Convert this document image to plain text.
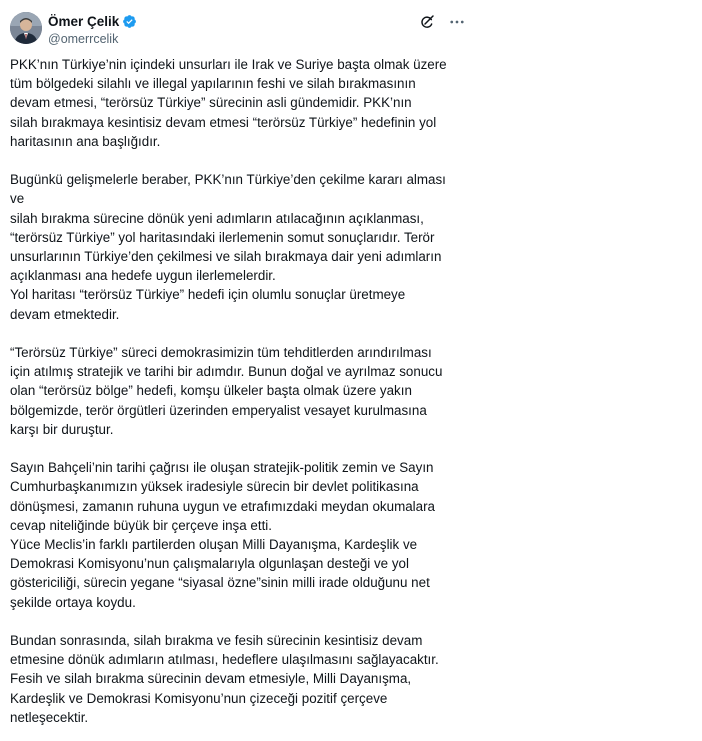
Ömer Çelik
@omerrcelik

PKK’nın Türkiye’nin içindeki unsurları ile Irak ve Suriye başta olmak üzere
tüm bölgedeki silahlı ve illegal yapılarının feshi ve silah bırakmasının
devam etmesi, “terörsüz Türkiye” sürecinin asli gündemidir. PKK’nın
silah bırakmaya kesintisiz devam etmesi “terörsüz Türkiye” hedefinin yol
haritasının ana başlığıdır.

Bugünkü gelişmelerle beraber, PKK’nın Türkiye’den çekilme kararı alması
ve
silah bırakma sürecine dönük yeni adımların atılacağının açıklanması,
“terörsüz Türkiye” yol haritasındaki ilerlemenin somut sonuçlarıdır. Terör
unsurlarının Türkiye’den çekilmesi ve silah bırakmaya dair yeni adımların
açıklanması ana hedefe uygun ilerlemelerdir.
Yol haritası “terörsüz Türkiye” hedefi için olumlu sonuçlar üretmeye
devam etmektedir.

“Terörsüz Türkiye” süreci demokrasimizin tüm tehditlerden arındırılması
için atılmış stratejik ve tarihi bir adımdır. Bunun doğal ve ayrılmaz sonucu
olan “terörsüz bölge” hedefi, komşu ülkeler başta olmak üzere yakın
bölgemizde, terör örgütleri üzerinden emperyalist vesayet kurulmasına
karşı bir duruştur.

Sayın Bahçeli’nin tarihi çağrısı ile oluşan stratejik-politik zemin ve Sayın
Cumhurbaşkanımızın yüksek iradesiyle sürecin bir devlet politikasına
dönüşmesi, zamanın ruhuna uygun ve etrafımızdaki meydan okumalara
cevap niteliğinde büyük bir çerçeve inşa etti.
Yüce Meclis’in farklı partilerden oluşan Milli Dayanışma, Kardeşlik ve
Demokrasi Komisyonu’nun çalışmalarıyla olgunlaşan desteği ve yol
göstericiliği, sürecin yegane “siyasal özne”sinin milli irade olduğunu net
şekilde ortaya koydu.

Bundan sonrasında, silah bırakma ve fesih sürecinin kesintisiz devam
etmesine dönük adımların atılması, hedeflere ulaşılmasını sağlayacaktır.
Fesih ve silah bırakma sürecinin devam etmesiyle, Milli Dayanışma,
Kardeşlik ve Demokrasi Komisyonu’nun çizeceği pozitif çerçeve
netleşecektir.
